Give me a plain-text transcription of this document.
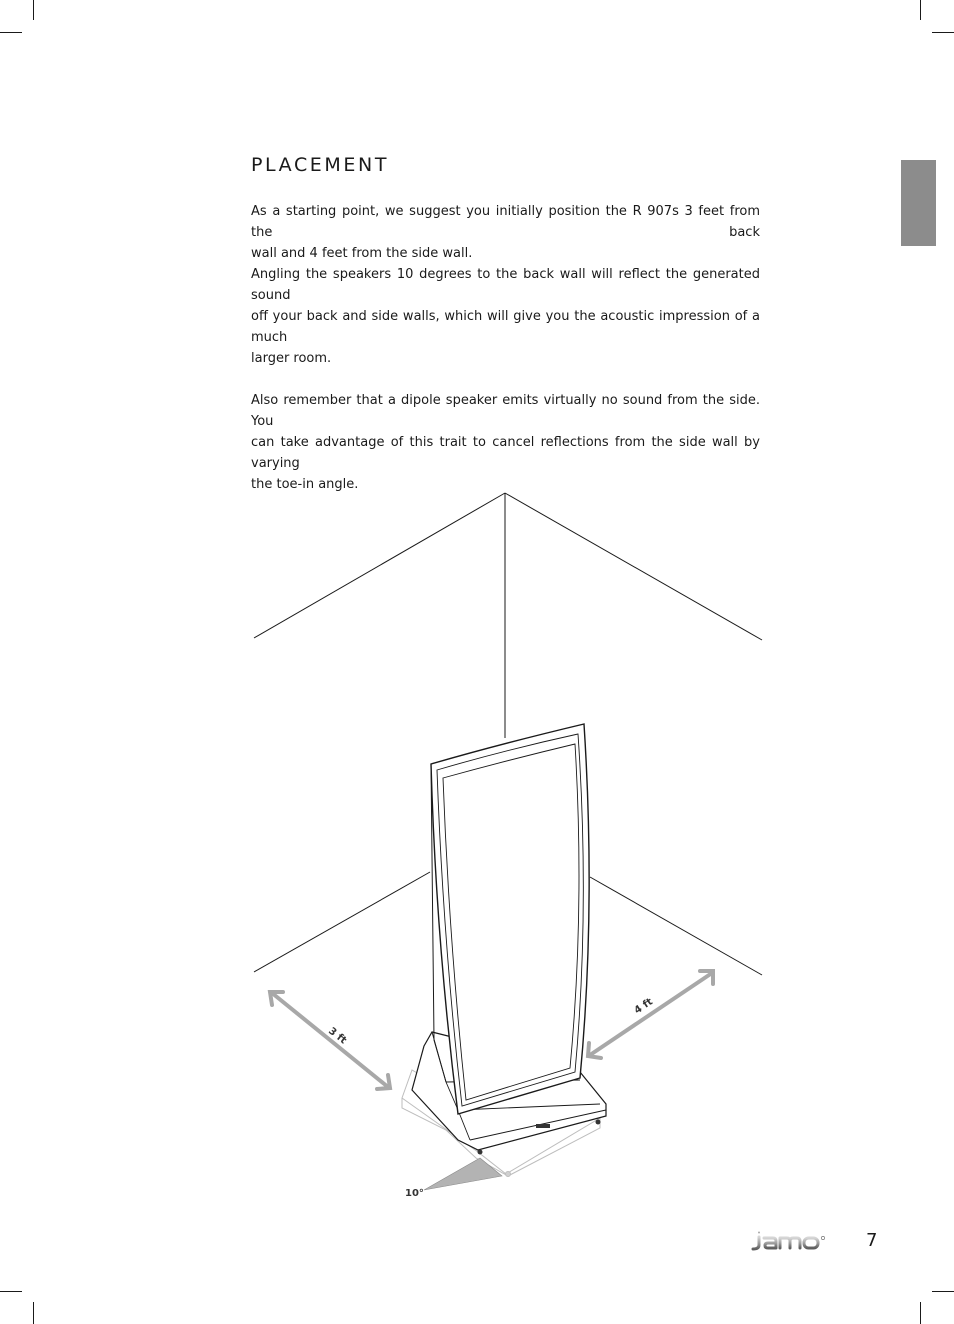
PLACEMENT

As a starting point, we suggest you initially position the R 907s 3 feet from the back
wall and 4 feet from the side wall.
Angling the speakers 10 degrees to the back wall will reflect the generated sound
off your back and side walls, which will give you the acoustic impression of a much
larger room.

Also remember that a dipole speaker emits virtually no sound from the side. You
can take advantage of this trait to cancel reflections from the side wall by varying
the toe-in angle.

3 ft
4 ft
10°
7
